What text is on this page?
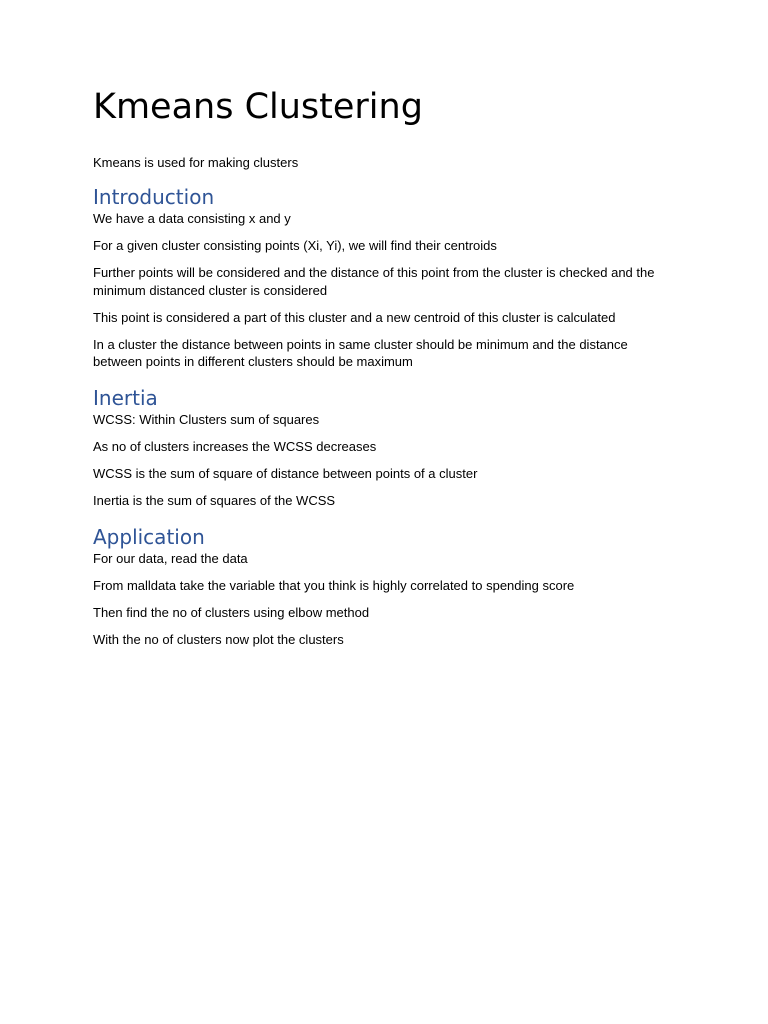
Kmeans Clustering

Kmeans is used for making clusters

Introduction

We have a data consisting x and y

For a given cluster consisting points (Xi, Yi), we will find their centroids

Further points will be considered and the distance of this point from the cluster is checked and the minimum distanced cluster is considered

This point is considered a part of this cluster and a new centroid of this cluster is calculated

In a cluster the distance between points in same cluster should be minimum and the distance between points in different clusters should be maximum

Inertia

WCSS: Within Clusters sum of squares

As no of clusters increases the WCSS decreases

WCSS is the sum of square of distance between points of a cluster

Inertia is the sum of squares of the WCSS

Application

For our data, read the data

From malldata take the variable that you think is highly correlated to spending score

Then find the no of clusters using elbow method

With the no of clusters now plot the clusters
